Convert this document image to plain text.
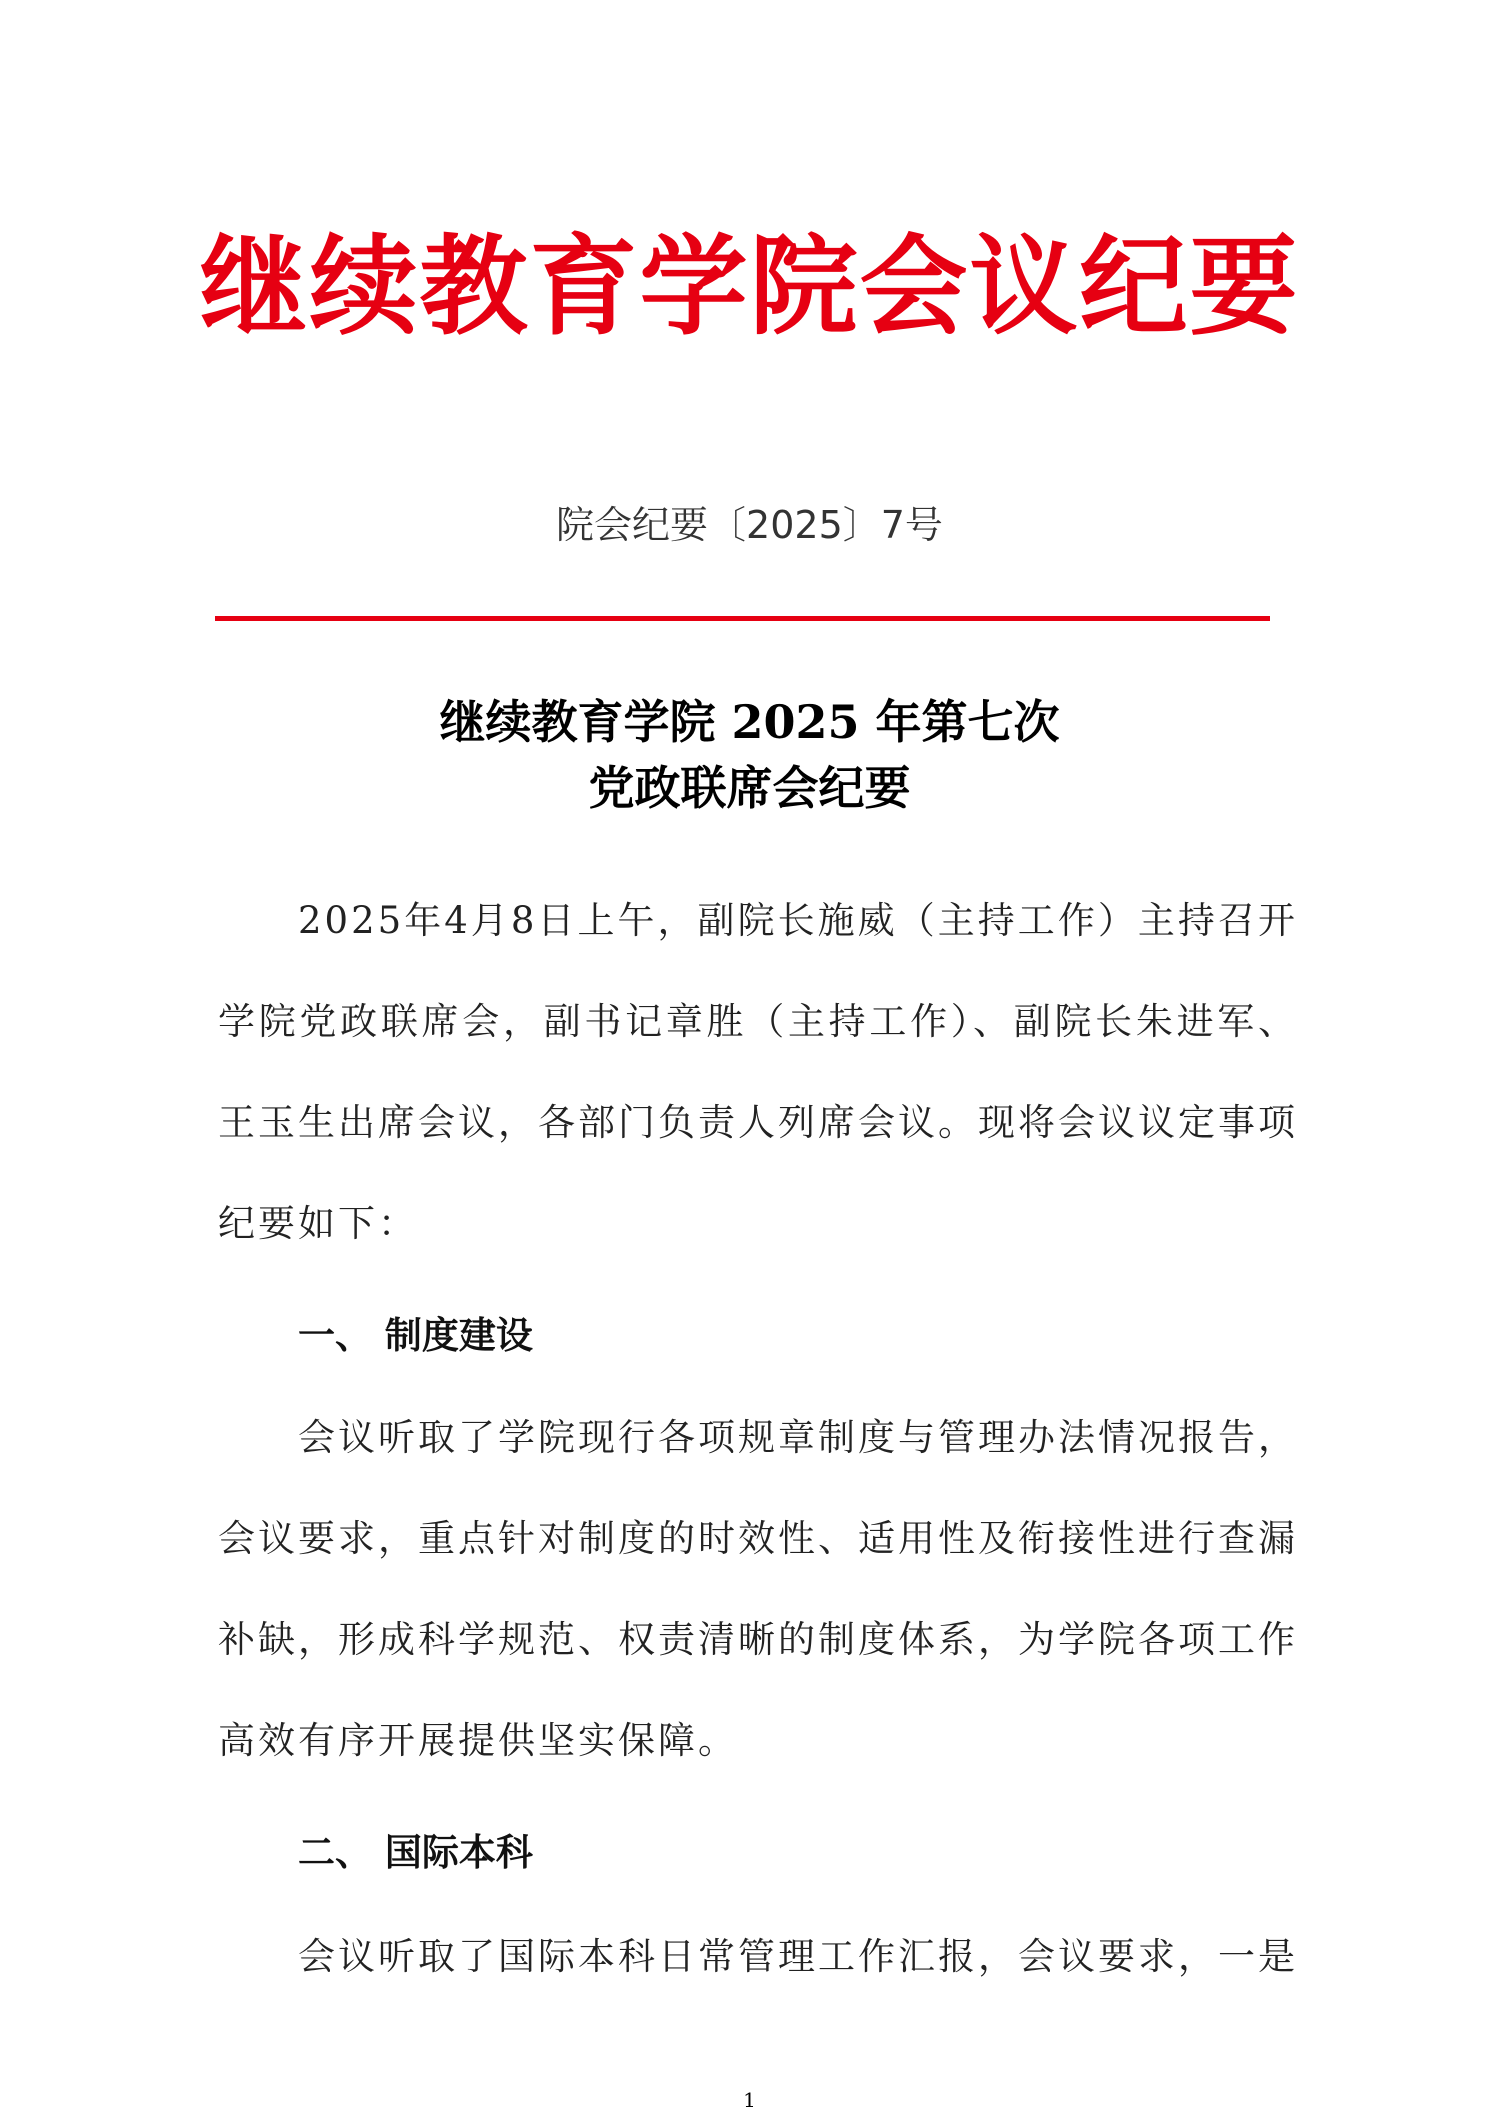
继续教育学院会议纪要
院会纪要〔2025〕7号
继续教育学院 2025 年第七次
党政联席会纪要
2025年4月8日上午，副院长施威（主持工作）主持召开学院党政联席会，副书记章胜（主持工作）、副院长朱进军、王玉生出席会议，各部门负责人列席会议。现将会议议定事项纪要如下：
一、 制度建设
会议听取了学院现行各项规章制度与管理办法情况报告，会议要求，重点针对制度的时效性、适用性及衔接性进行查漏补缺，形成科学规范、权责清晰的制度体系，为学院各项工作高效有序开展提供坚实保障。
二、 国际本科
会议听取了国际本科日常管理工作汇报，会议要求，一是
1
